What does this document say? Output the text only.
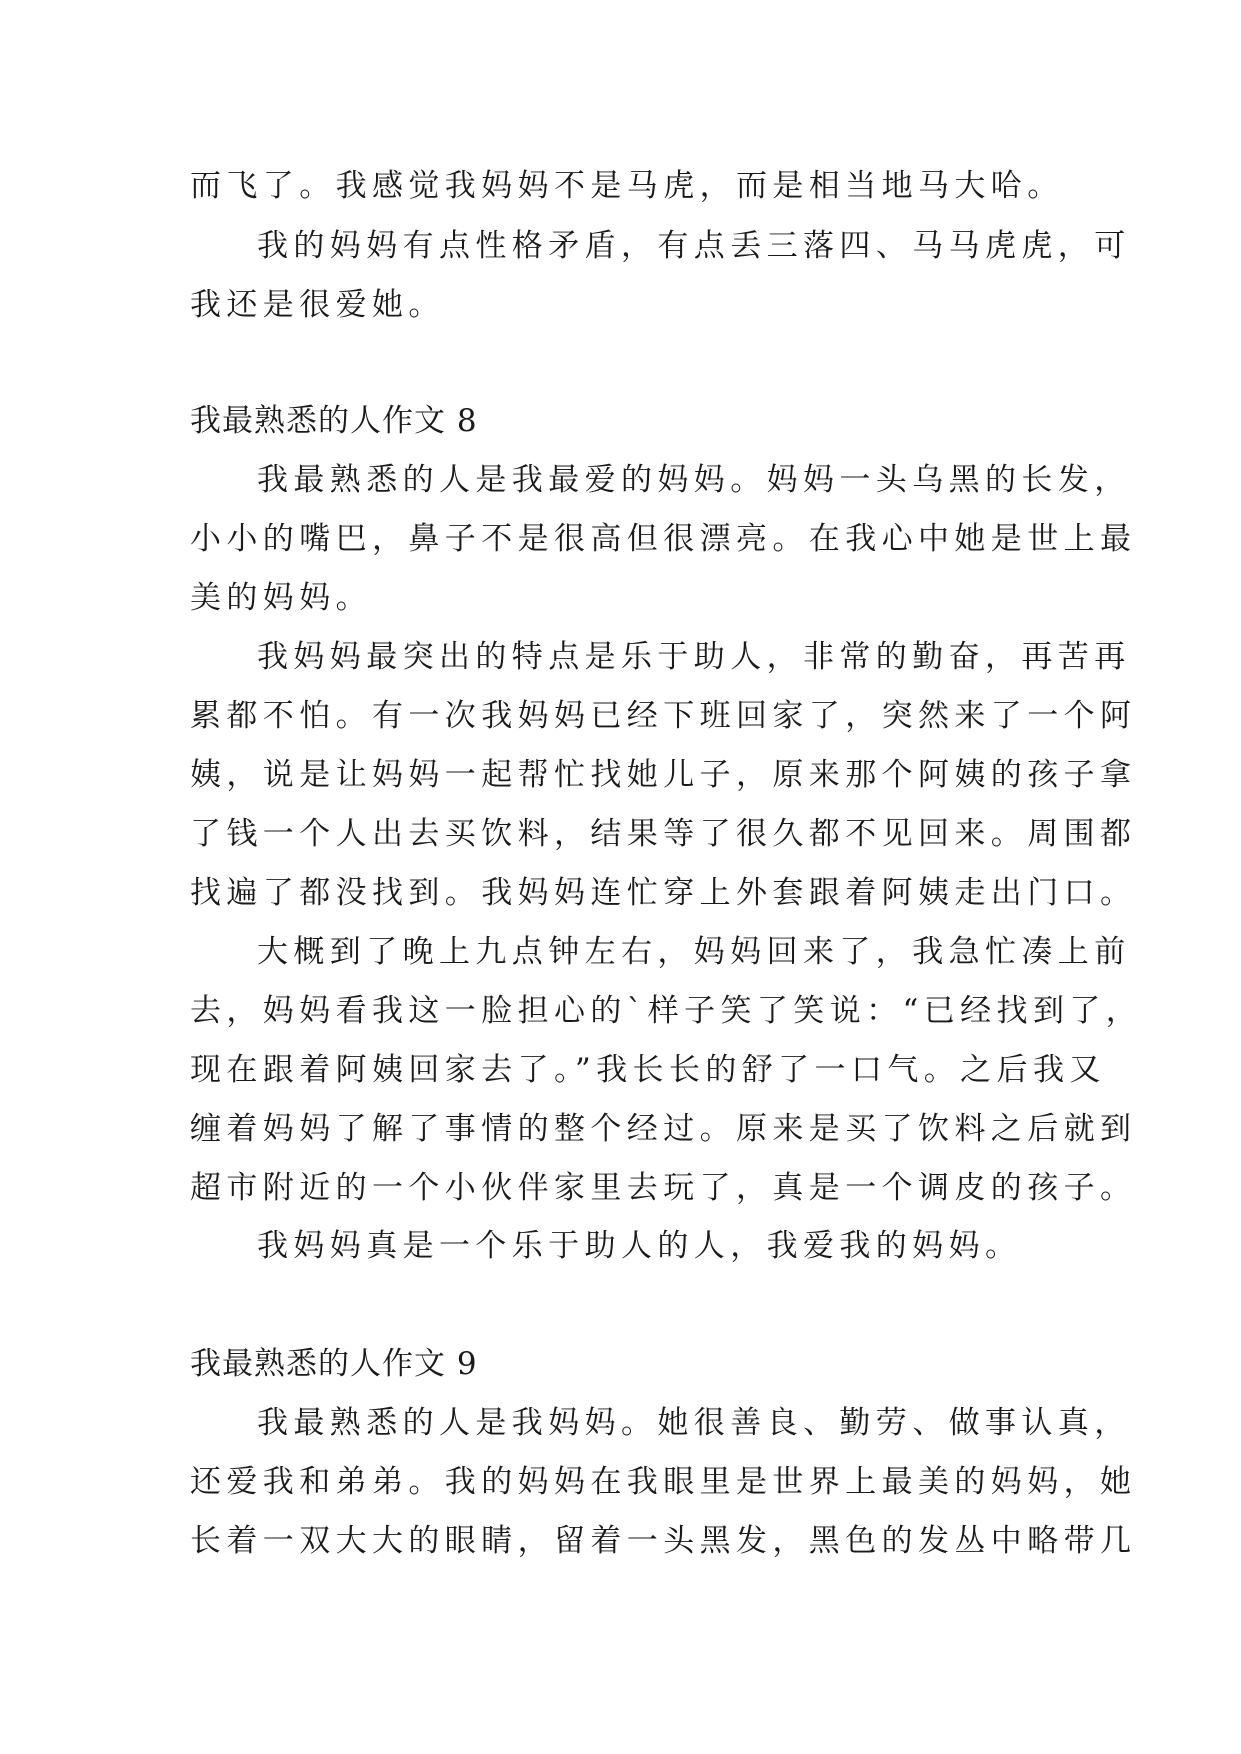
而飞了。我感觉我妈妈不是马虎，而是相当地马大哈。

我的妈妈有点性格矛盾，有点丢三落四、马马虎虎，可

我还是很爱她。

我最熟悉的人作文 8

我最熟悉的人是我最爱的妈妈。妈妈一头乌黑的长发，

小小的嘴巴，鼻子不是很高但很漂亮。在我心中她是世上最

美的妈妈。

我妈妈最突出的特点是乐于助人，非常的勤奋，再苦再

累都不怕。有一次我妈妈已经下班回家了，突然来了一个阿

姨，说是让妈妈一起帮忙找她儿子，原来那个阿姨的孩子拿

了钱一个人出去买饮料，结果等了很久都不见回来。周围都

找遍了都没找到。我妈妈连忙穿上外套跟着阿姨走出门口。

大概到了晚上九点钟左右，妈妈回来了，我急忙凑上前

去，妈妈看我这一脸担心的`样子笑了笑说：“已经找到了，

现在跟着阿姨回家去了。”我长长的舒了一口气。之后我又

缠着妈妈了解了事情的整个经过。原来是买了饮料之后就到

超市附近的一个小伙伴家里去玩了，真是一个调皮的孩子。

我妈妈真是一个乐于助人的人，我爱我的妈妈。

我最熟悉的人作文 9

我最熟悉的人是我妈妈。她很善良、勤劳、做事认真，

还爱我和弟弟。我的妈妈在我眼里是世界上最美的妈妈，她

长着一双大大的眼睛，留着一头黑发，黑色的发丛中略带几
